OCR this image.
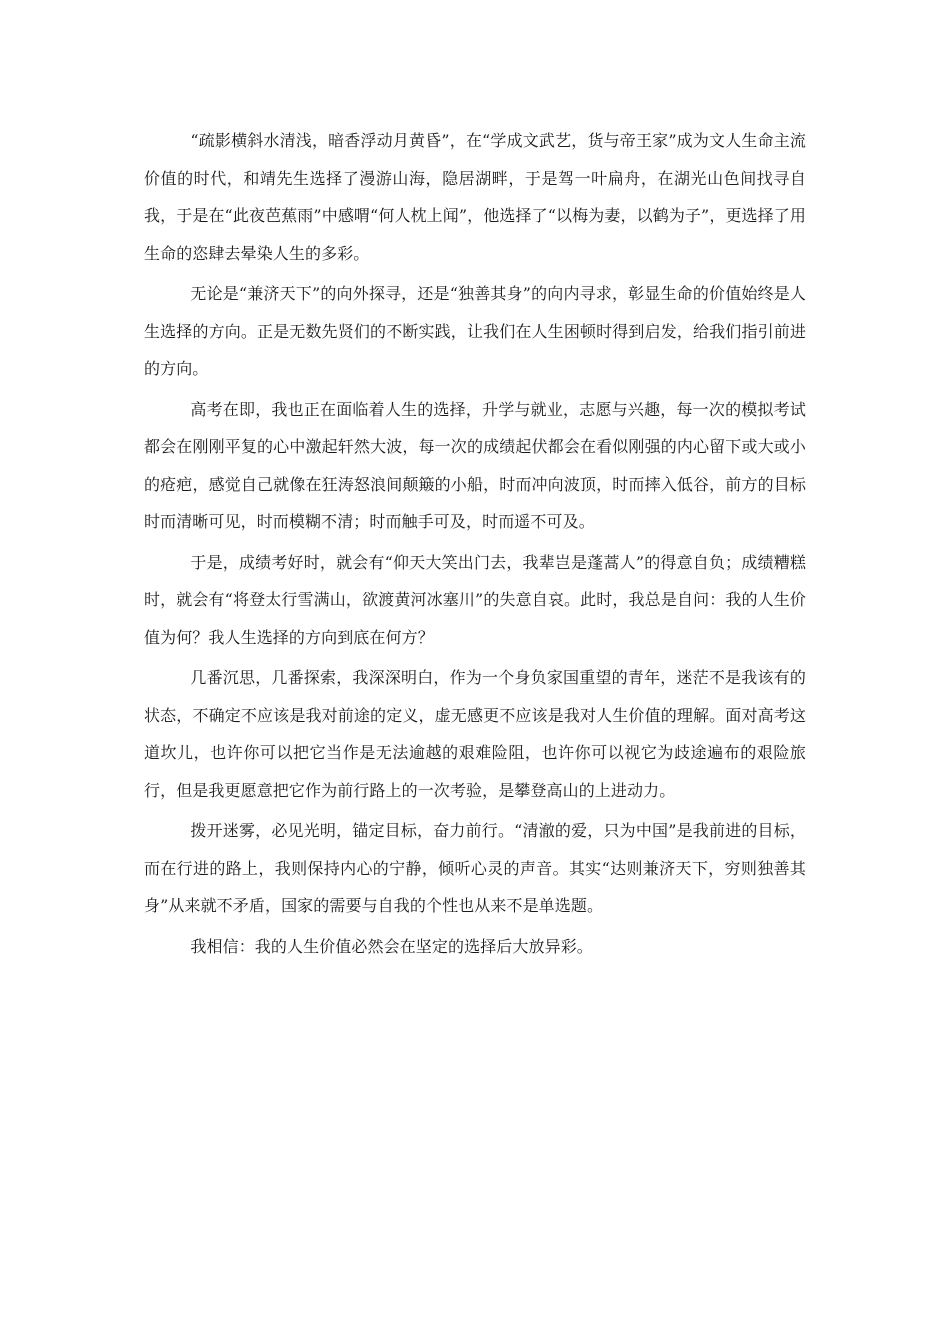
“疏影横斜水清浅，暗香浮动月黄昏”，在“学成文武艺，货与帝王家”成为文人生命主流价值的时代，和靖先生选择了漫游山海，隐居湖畔，于是驾一叶扁舟，在湖光山色间找寻自我，于是在“此夜芭蕉雨”中感喟“何人枕上闻”，他选择了“以梅为妻，以鹤为子”，更选择了用生命的恣肆去晕染人生的多彩。

无论是“兼济天下”的向外探寻，还是“独善其身”的向内寻求，彰显生命的价值始终是人生选择的方向。正是无数先贤们的不断实践，让我们在人生困顿时得到启发，给我们指引前进的方向。

高考在即，我也正在面临着人生的选择，升学与就业，志愿与兴趣，每一次的模拟考试都会在刚刚平复的心中激起轩然大波，每一次的成绩起伏都会在看似刚强的内心留下或大或小的疮疤，感觉自己就像在狂涛怒浪间颠簸的小船，时而冲向波顶，时而摔入低谷，前方的目标时而清晰可见，时而模糊不清；时而触手可及，时而遥不可及。

于是，成绩考好时，就会有“仰天大笑出门去，我辈岂是蓬蒿人”的得意自负；成绩糟糕时，就会有“将登太行雪满山，欲渡黄河冰塞川”的失意自哀。此时，我总是自问：我的人生价值为何？我人生选择的方向到底在何方？

几番沉思，几番探索，我深深明白，作为一个身负家国重望的青年，迷茫不是我该有的状态，不确定不应该是我对前途的定义，虚无感更不应该是我对人生价值的理解。面对高考这道坎儿，也许你可以把它当作是无法逾越的艰难险阻，也许你可以视它为歧途遍布的艰险旅行，但是我更愿意把它作为前行路上的一次考验，是攀登高山的上进动力。

拨开迷雾，必见光明，锚定目标，奋力前行。“清澈的爱，只为中国”是我前进的目标，而在行进的路上，我则保持内心的宁静，倾听心灵的声音。其实“达则兼济天下，穷则独善其身”从来就不矛盾，国家的需要与自我的个性也从来不是单选题。

我相信：我的人生价值必然会在坚定的选择后大放异彩。
